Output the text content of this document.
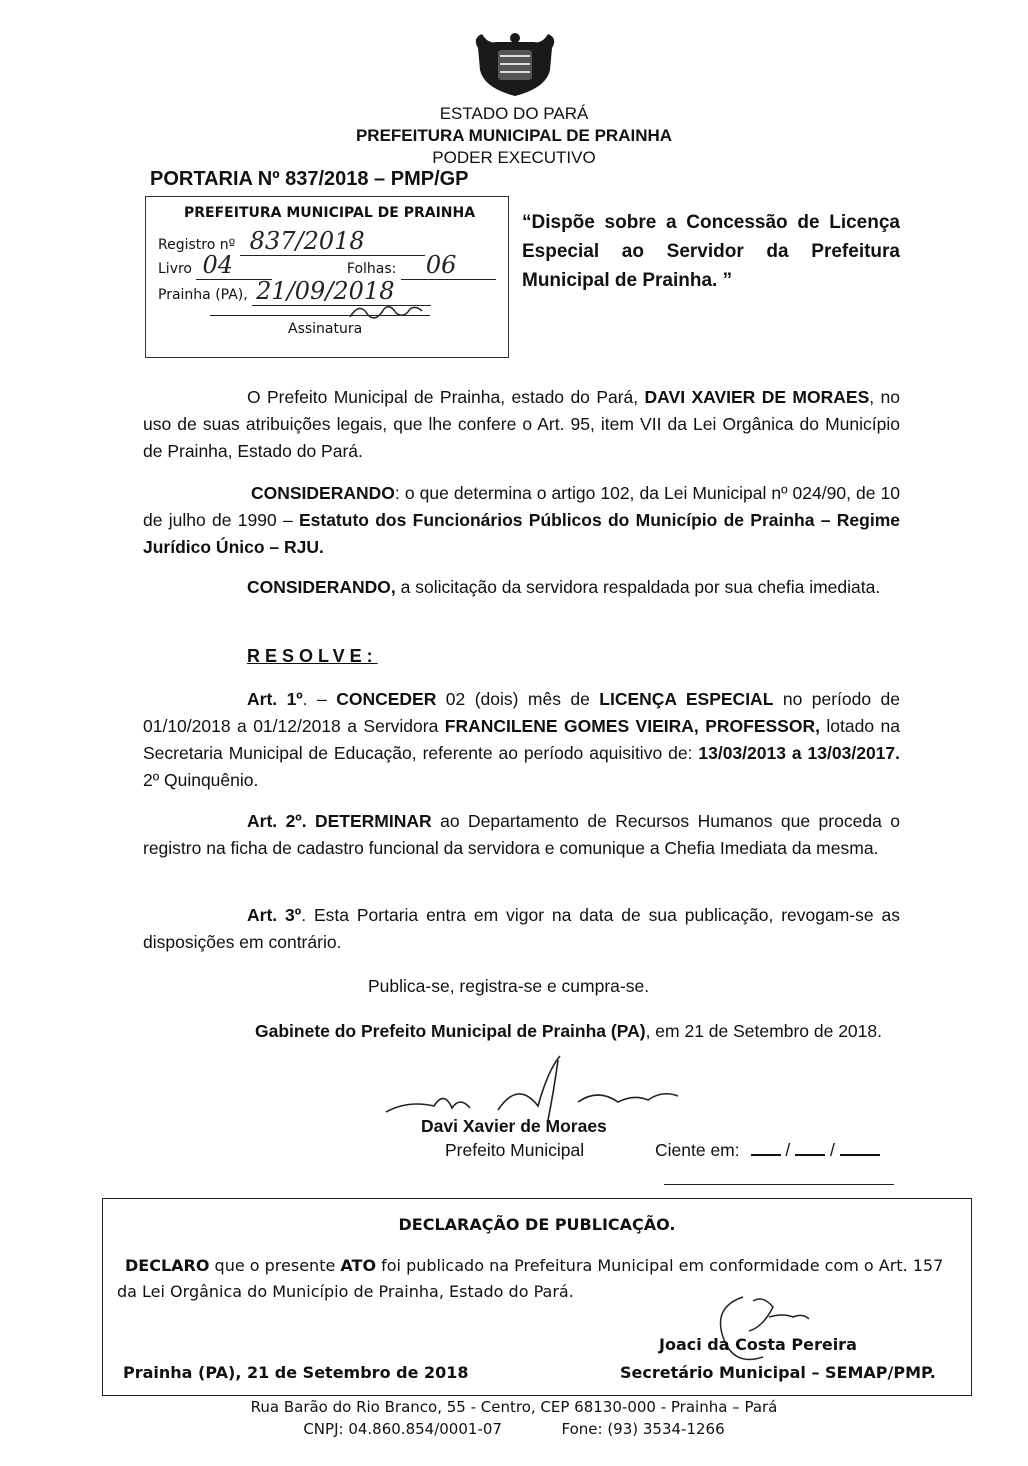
ESTADO DO PARÁ
PREFEITURA MUNICIPAL DE PRAINHA
PODER EXECUTIVO
PORTARIA Nº 837/2018 – PMP/GP
PREFEITURA MUNICIPAL DE PRAINHA
Registro nº 837/2018
Livro 04	Folhas: 06
Prainha (PA), 21/09/2018
Assinatura
“Dispõe sobre a Concessão de Licença Especial ao Servidor da Prefeitura Municipal de Prainha. ”
O Prefeito Municipal de Prainha, estado do Pará, DAVI XAVIER DE MORAES, no uso de suas atribuições legais, que lhe confere o Art. 95, item VII da Lei Orgânica do Município de Prainha, Estado do Pará.
CONSIDERANDO: o que determina o artigo 102, da Lei Municipal nº 024/90, de 10 de julho de 1990 – Estatuto dos Funcionários Públicos do Município de Prainha – Regime Jurídico Único – RJU.
CONSIDERANDO, a solicitação da servidora respaldada por sua chefia imediata.
RESOLVE:
Art. 1º. – CONCEDER 02 (dois) mês de LICENÇA ESPECIAL no período de 01/10/2018 a 01/12/2018 a Servidora FRANCILENE GOMES VIEIRA, PROFESSOR, lotado na Secretaria Municipal de Educação, referente ao período aquisitivo de: 13/03/2013 a 13/03/2017. 2º Quinquênio.
Art. 2º. DETERMINAR ao Departamento de Recursos Humanos que proceda o registro na ficha de cadastro funcional da servidora e comunique a Chefia Imediata da mesma.
Art. 3º. Esta Portaria entra em vigor na data de sua publicação, revogam-se as disposições em contrário.
Publica-se, registra-se e cumpra-se.
Gabinete do Prefeito Municipal de Prainha (PA), em 21 de Setembro de 2018.
Davi Xavier de Moraes
Prefeito Municipal	Ciente em:  /  /
DECLARAÇÃO DE PUBLICAÇÃO.
DECLARO que o presente ATO foi publicado na Prefeitura Municipal em conformidade com o Art. 157 da Lei Orgânica do Município de Prainha, Estado do Pará.
Joaci da Costa Pereira
Secretário Municipal – SEMAP/PMP.
Prainha (PA), 21 de Setembro de 2018
Rua Barão do Rio Branco, 55 - Centro, CEP 68130-000 - Prainha – Pará
CNPJ: 04.860.854/0001-07	Fone: (93) 3534-1266
